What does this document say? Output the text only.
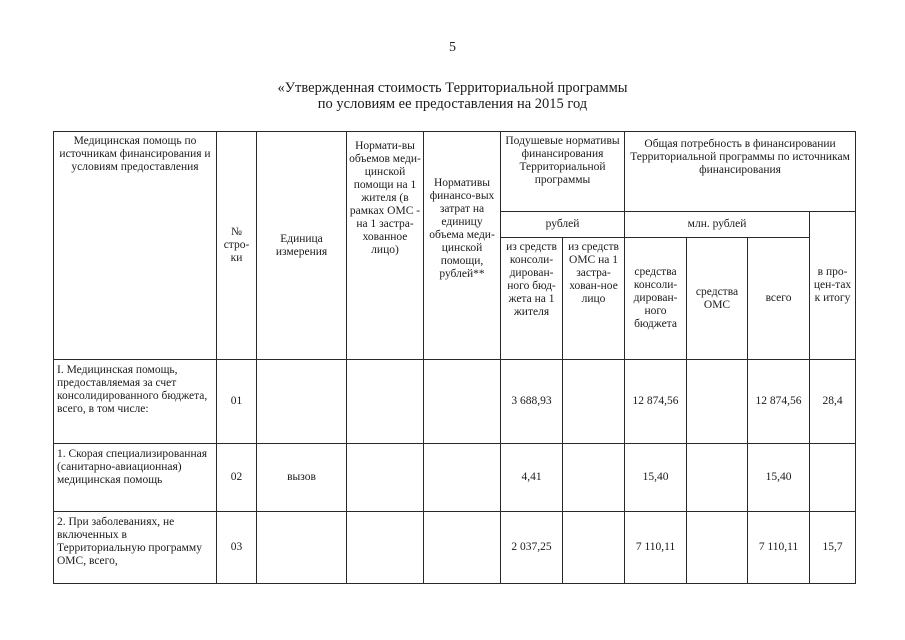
5
«Утвержденная стоимость Территориальной программы
по условиям ее предоставления на 2015 год
Медицинская помощь по источникам финансирования и условиям предоставления	№ стро-ки	Единица измерения	Нормати-вы объемов меди-цинской помощи на 1 жителя (в рамках ОМС - на 1 застра-хованное лицо)	Нормативы финансо-вых затрат на единицу объема меди-цинской помощи, рублей**	Подушевые нормативы финансирования Территориальной программы		Общая потребность в финансировании Территориальной программы по источникам финансирования			
					рублей		млн. рублей			в про-цен-тах к итогу
					из средств консоли-дирован-ного бюд-жета на 1 жителя	из средств ОМС на 1 застра-хован-ное лицо	средства консоли-дирован-ного бюджета	средства ОМС	всего	
I. Медицинская помощь, предоставляемая за счет консолидированного бюджета, всего, в том числе:	01				3 688,93		12 874,56		12 874,56	28,4
1. Скорая специализированная (санитарно-авиационная) медицинская помощь	02	вызов			4,41		15,40		15,40	
2. При заболеваниях, не включенных в Территориальную программу ОМС, всего,	03				2 037,25		7 110,11		7 110,11	15,7
